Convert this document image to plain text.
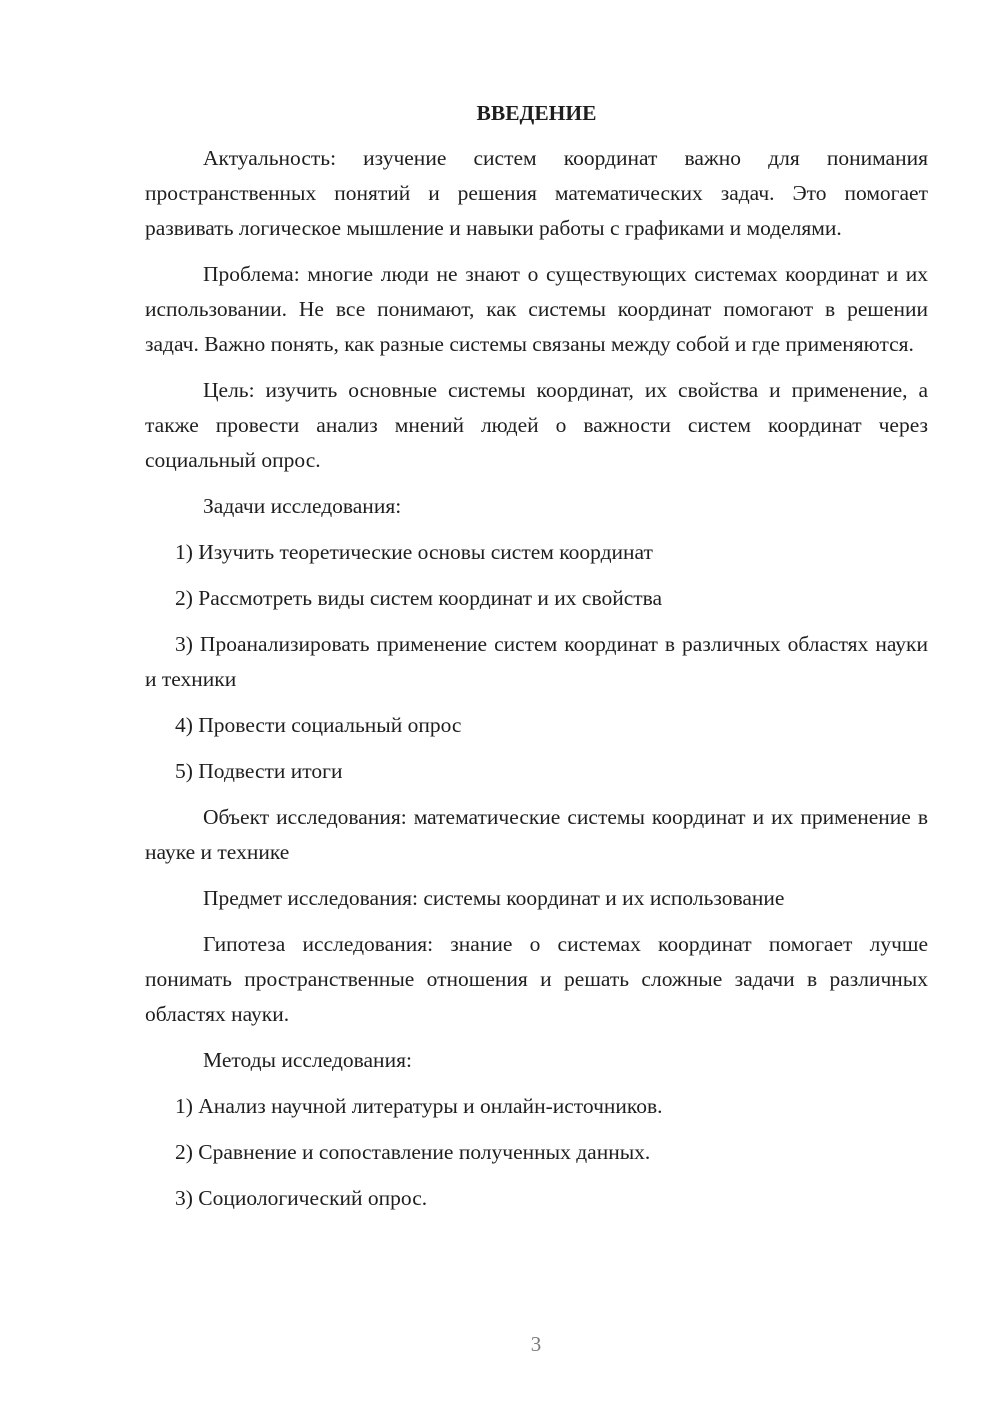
ВВЕДЕНИЕ

Актуальность: изучение систем координат важно для понимания пространственных понятий и решения математических задач. Это помогает развивать логическое мышление и навыки работы с графиками и моделями.

Проблема: многие люди не знают о существующих системах координат и их использовании. Не все понимают, как системы координат помогают в решении задач. Важно понять, как разные системы связаны между собой и где применяются.

Цель: изучить основные системы координат, их свойства и применение, а также провести анализ мнений людей о важности систем координат через социальный опрос.

Задачи исследования:

1) Изучить теоретические основы систем координат

2) Рассмотреть виды систем координат и их свойства

3) Проанализировать применение систем координат в различных областях науки и техники

4) Провести социальный опрос

5) Подвести итоги

Объект исследования: математические системы координат и их применение в науке и технике

Предмет исследования: системы координат и их использование

Гипотеза исследования: знание о системах координат помогает лучше понимать пространственные отношения и решать сложные задачи в различных областях науки.

Методы исследования:

1) Анализ научной литературы и онлайн-источников.

2) Сравнение и сопоставление полученных данных.

3) Социологический опрос.

3
